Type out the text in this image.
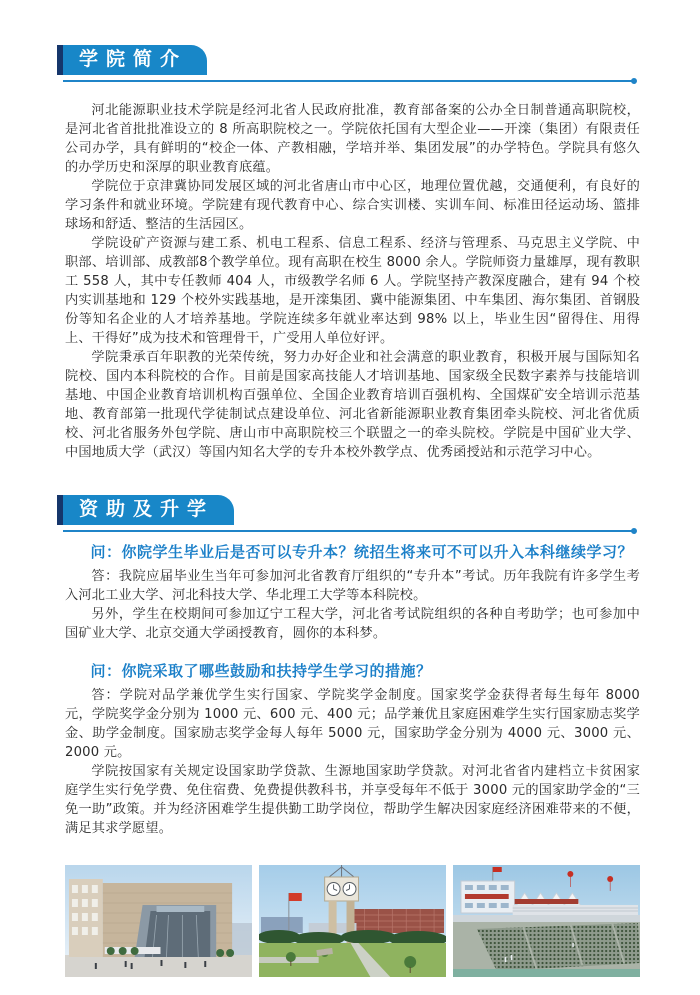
学院简介

河北能源职业技术学院是经河北省人民政府批准，教育部备案的公办全日制普通高职院校，是河北省首批批准设立的 8 所高职院校之一。学院依托国有大型企业——开滦（集团）有限责任公司办学，具有鲜明的“校企一体、产教相融，学培并举、集团发展”的办学特色。学院具有悠久的办学历史和深厚的职业教育底蕴。

学院位于京津冀协同发展区域的河北省唐山市中心区，地理位置优越，交通便利，有良好的学习条件和就业环境。学院建有现代教育中心、综合实训楼、实训车间、标准田径运动场、篮排球场和舒适、整洁的生活园区。

学院设矿产资源与建工系、机电工程系、信息工程系、经济与管理系、马克思主义学院、中职部、培训部、成教部8个教学单位。现有高职在校生 8000 余人。学院师资力量雄厚，现有教职工 558 人，其中专任教师 404 人，市级教学名师 6 人。学院坚持产教深度融合，建有 94 个校内实训基地和 129 个校外实践基地，是开滦集团、冀中能源集团、中车集团、海尔集团、首钢股份等知名企业的人才培养基地。学院连续多年就业率达到 98% 以上，毕业生因“留得住、用得上、干得好”成为技术和管理骨干，广受用人单位好评。

学院秉承百年职教的光荣传统，努力办好企业和社会满意的职业教育，积极开展与国际知名院校、国内本科院校的合作。目前是国家高技能人才培训基地、国家级全民数字素养与技能培训基地、中国企业教育培训机构百强单位、全国企业教育培训百强机构、全国煤矿安全培训示范基地、教育部第一批现代学徒制试点建设单位、河北省新能源职业教育集团牵头院校、河北省优质校、河北省服务外包学院、唐山市中高职院校三个联盟之一的牵头院校。学院是中国矿业大学、中国地质大学（武汉）等国内知名大学的专升本校外教学点、优秀函授站和示范学习中心。

资助及升学

问：你院学生毕业后是否可以专升本？统招生将来可不可以升入本科继续学习？

答：我院应届毕业生当年可参加河北省教育厅组织的“专升本”考试。历年我院有许多学生考入河北工业大学、河北科技大学、华北理工大学等本科院校。

另外，学生在校期间可参加辽宁工程大学，河北省考试院组织的各种自考助学；也可参加中国矿业大学、北京交通大学函授教育，圆你的本科梦。

问：你院采取了哪些鼓励和扶持学生学习的措施？

答：学院对品学兼优学生实行国家、学院奖学金制度。国家奖学金获得者每生每年 8000 元，学院奖学金分别为 1000 元、600 元、400 元；品学兼优且家庭困难学生实行国家励志奖学金、助学金制度。国家励志奖学金每人每年 5000 元，国家助学金分别为 4000 元、3000 元、2000 元。

学院按国家有关规定设国家助学贷款、生源地国家助学贷款。对河北省省内建档立卡贫困家庭学生实行免学费、免住宿费、免费提供教科书，并享受每年不低于 3000 元的国家助学金的“三免一助”政策。并为经济困难学生提供勤工助学岗位，帮助学生解决因家庭经济困难带来的不便，满足其求学愿望。
